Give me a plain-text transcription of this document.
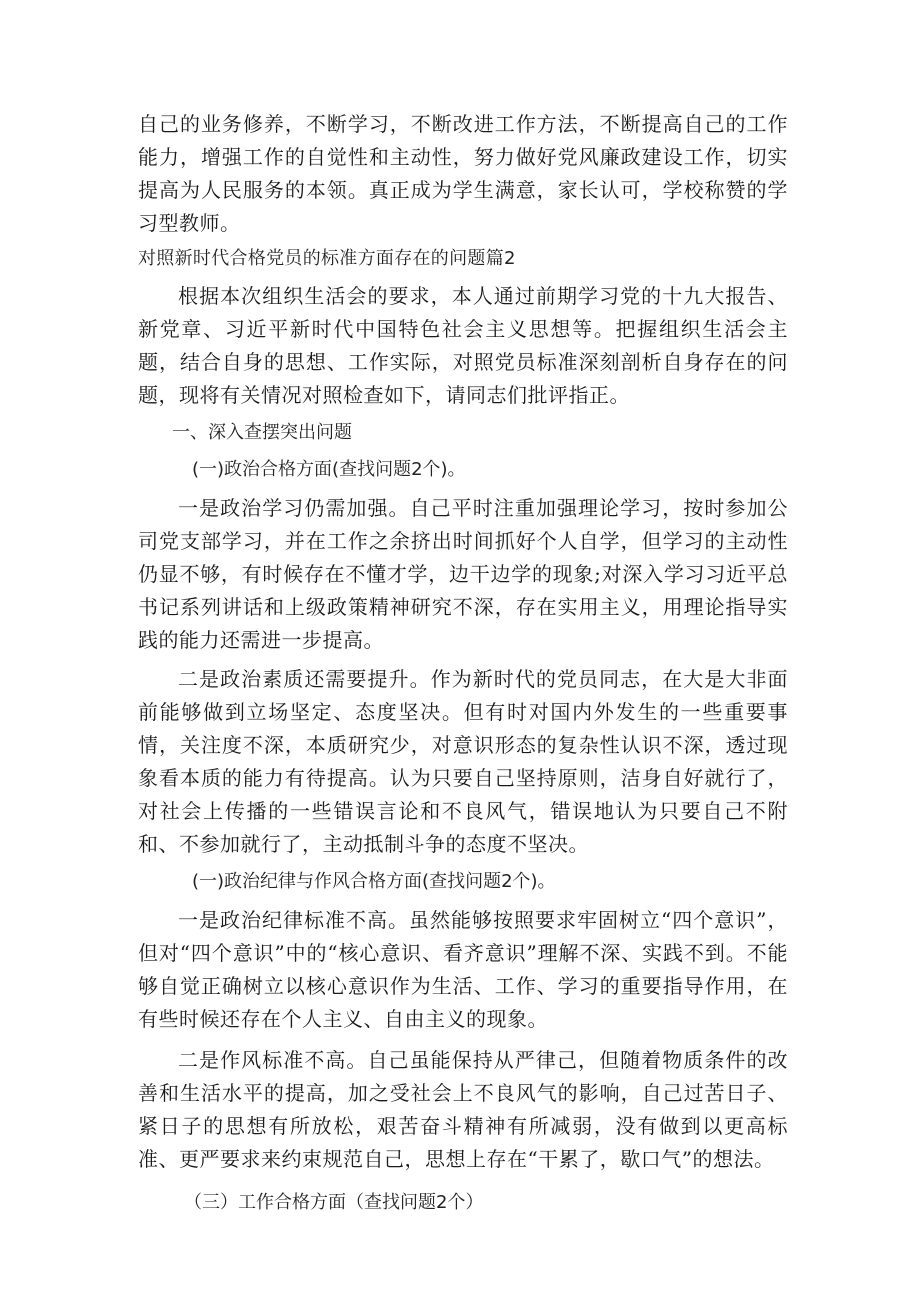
自己的业务修养，不断学习，不断改进工作方法，不断提高自己的工作能力，增强工作的自觉性和主动性，努力做好党风廉政建设工作，切实提高为人民服务的本领。真正成为学生满意，家长认可，学校称赞的学习型教师。

对照新时代合格党员的标准方面存在的问题篇2

根据本次组织生活会的要求，本人通过前期学习党的十九大报告、新党章、习近平新时代中国特色社会主义思想等。把握组织生活会主题，结合自身的思想、工作实际，对照党员标准深刻剖析自身存在的问题，现将有关情况对照检查如下，请同志们批评指正。

一、深入查摆突出问题
(一)政治合格方面(查找问题2个)。

一是政治学习仍需加强。自己平时注重加强理论学习，按时参加公司党支部学习，并在工作之余挤出时间抓好个人自学，但学习的主动性仍显不够，有时候存在不懂才学，边干边学的现象;对深入学习习近平总书记系列讲话和上级政策精神研究不深，存在实用主义，用理论指导实践的能力还需进一步提高。

二是政治素质还需要提升。作为新时代的党员同志，在大是大非面前能够做到立场坚定、态度坚决。但有时对国内外发生的一些重要事情，关注度不深，本质研究少，对意识形态的复杂性认识不深，透过现象看本质的能力有待提高。认为只要自己坚持原则，洁身自好就行了，对社会上传播的一些错误言论和不良风气，错误地认为只要自己不附和、不参加就行了，主动抵制斗争的态度不坚决。

(一)政治纪律与作风合格方面(查找问题2个)。

一是政治纪律标准不高。虽然能够按照要求牢固树立“四个意识”，但对“四个意识”中的“核心意识、看齐意识”理解不深、实践不到。不能够自觉正确树立以核心意识作为生活、工作、学习的重要指导作用，在有些时候还存在个人主义、自由主义的现象。

二是作风标准不高。自己虽能保持从严律己，但随着物质条件的改善和生活水平的提高，加之受社会上不良风气的影响，自己过苦日子、紧日子的思想有所放松，艰苦奋斗精神有所减弱，没有做到以更高标准、更严要求来约束规范自己，思想上存在“干累了，歇口气”的想法。

（三）工作合格方面（查找问题2个）
